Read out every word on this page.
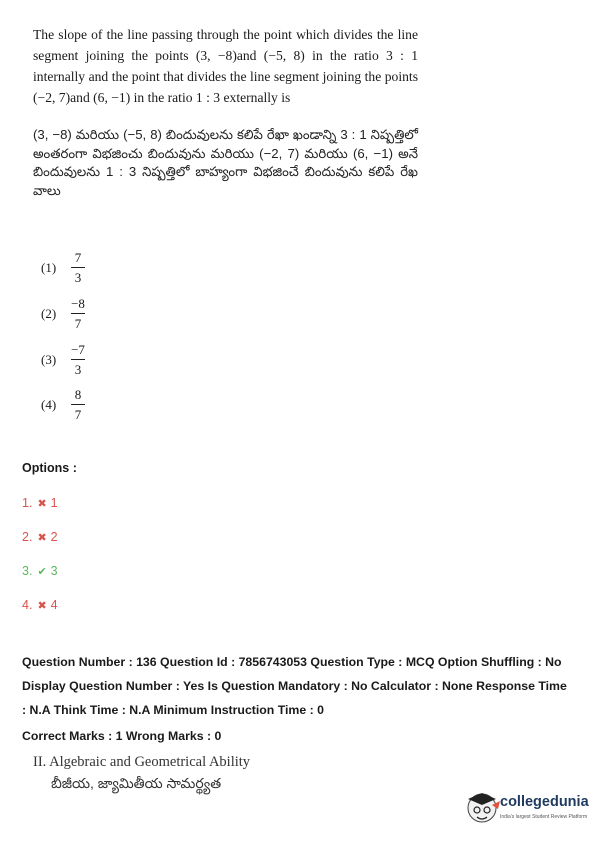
The slope of the line passing through the point which divides the line segment joining the points (3, −8)and (−5, 8) in the ratio 3 : 1 internally and the point that divides the line segment joining the points (−2, 7)and (6, −1) in the ratio 1 : 3 externally is
(3, −8) మరియు (−5, 8) బిందువులను కలిపే రేఖా ఖండాన్ని 3 : 1 నిష్పత్తిలో అంతరంగా విభజించు బిందువును మరియు (−2, 7) మరియు (6, −1) అనే బిందువులను 1 : 3 నిష్పత్తిలో బాహ్యంగా విభజించే బిందువును కలిపే రేఖ వాలు
(1)	$\frac{7}{3}$
(2)	$\frac{-8}{7}$
(3)	$\frac{-7}{3}$
(4)	$\frac{8}{7}$
Options :
1. ✖ 1
2. ✖ 2
3. ✔ 3
4. ✖ 4
Question Number : 136 Question Id : 7856743053 Question Type : MCQ Option Shuffling : No
Display Question Number : Yes Is Question Mandatory : No Calculator : None Response Time
: N.A Think Time : N.A Minimum Instruction Time : 0
Correct Marks : 1 Wrong Marks : 0
II. Algebraic and Geometrical Ability
బీజీయ, జ్యామితీయ సామర్థ్యత
collegedunia
India's largest Student Review Platform
